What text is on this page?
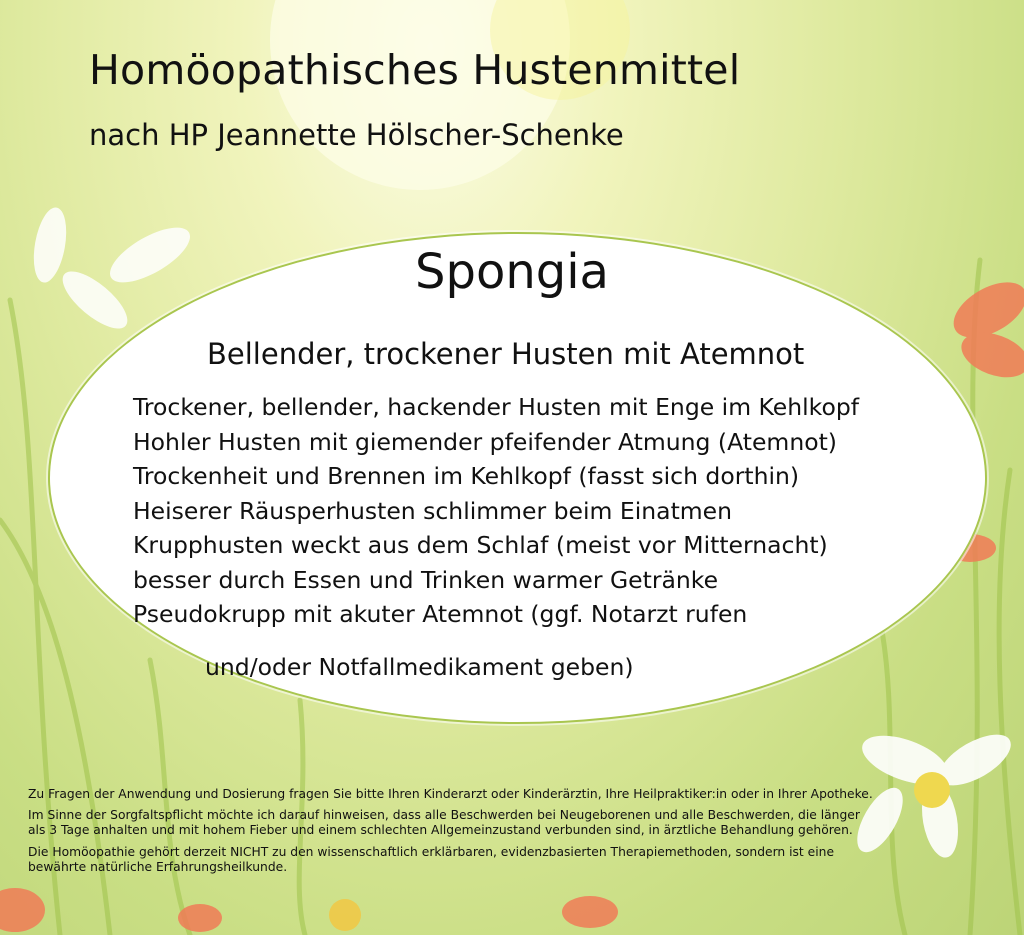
Homöopathisches Hustenmittel
nach HP Jeannette Hölscher-Schenke
Spongia
Bellender, trockener Husten mit Atemnot
Trockener, bellender, hackender Husten mit Enge im Kehlkopf
Hohler Husten mit giemender pfeifender Atmung (Atemnot)
Trockenheit und Brennen im Kehlkopf (fasst sich dorthin)
Heiserer Räusperhusten schlimmer beim Einatmen
Krupphusten weckt aus dem Schlaf (meist vor Mitternacht)
besser durch Essen und Trinken warmer Getränke
Pseudokrupp mit akuter Atemnot (ggf. Notarzt rufen
und/oder Notfallmedikament geben)

Zu Fragen der Anwendung und Dosierung fragen Sie bitte Ihren Kinderarzt oder Kinderärztin, Ihre Heilpraktiker:in oder in Ihrer Apotheke.

Im Sinne der Sorgfaltspflicht möchte ich darauf hinweisen, dass alle Beschwerden bei Neugeborenen und alle Beschwerden, die länger
als 3 Tage anhalten und mit hohem Fieber und einem schlechten Allgemeinzustand verbunden sind, in ärztliche Behandlung gehören.

Die Homöopathie gehört derzeit NICHT zu den wissenschaftlich erklärbaren, evidenzbasierten Therapiemethoden, sondern ist eine
bewährte natürliche Erfahrungsheilkunde.
